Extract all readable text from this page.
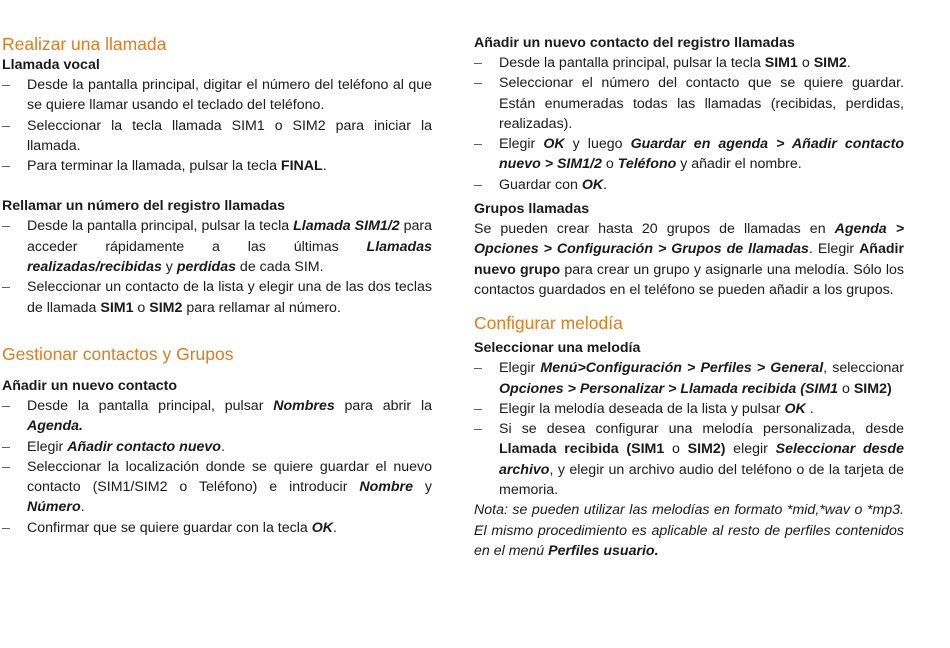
Realizar una llamada

Llamada vocal

– Desde la pantalla principal, digitar el número del teléfono al que se quiere llamar usando el teclado del teléfono.
– Seleccionar la tecla llamada SIM1 o SIM2 para iniciar la llamada.
– Para terminar la llamada, pulsar la tecla FINAL.

Rellamar un número del registro llamadas

– Desde la pantalla principal, pulsar la tecla Llamada SIM1/2 para acceder rápidamente a las últimas Llamadas realizadas/recibidas y perdidas de cada SIM.
– Seleccionar un contacto de la lista y elegir una de las dos teclas de llamada SIM1 o SIM2 para rellamar al número.
Gestionar contactos y Grupos

Añadir un nuevo contacto

– Desde la pantalla principal, pulsar Nombres para abrir la Agenda.
– Elegir Añadir contacto nuevo.
– Seleccionar la localización donde se quiere guardar el nuevo contacto (SIM1/SIM2 o Teléfono) e introducir Nombre y Número.
– Confirmar que se quiere guardar con la tecla OK.

Añadir un nuevo contacto del registro llamadas

– Desde la pantalla principal, pulsar la tecla SIM1 o SIM2.
– Seleccionar el número del contacto que se quiere guardar. Están enumeradas todas las llamadas (recibidas, perdidas, realizadas).
– Elegir OK y luego Guardar en agenda > Añadir contacto nuevo > SIM1/2 o Teléfono y añadir el nombre.
– Guardar con OK.

Grupos llamadas

Se pueden crear hasta 20 grupos de llamadas en Agenda > Opciones > Configuración > Grupos de llamadas. Elegir Añadir nuevo grupo para crear un grupo y asignarle una melodía. Sólo los contactos guardados en el teléfono se pueden añadir a los grupos.

Configurar melodía

Seleccionar una melodía

– Elegir Menú>Configuración > Perfiles > General, seleccionar Opciones > Personalizar > Llamada recibida (SIM1 o SIM2)
– Elegir la melodía deseada de la lista y pulsar OK .
– Si se desea configurar una melodía personalizada, desde Llamada recibida (SIM1 o SIM2) elegir Seleccionar desde archivo, y elegir un archivo audio del teléfono o de la tarjeta de memoria.

Nota: se pueden utilizar las melodías en formato *mid,*wav o *mp3. El mismo procedimiento es aplicable al resto de perfiles contenidos en el menú Perfiles usuario.
